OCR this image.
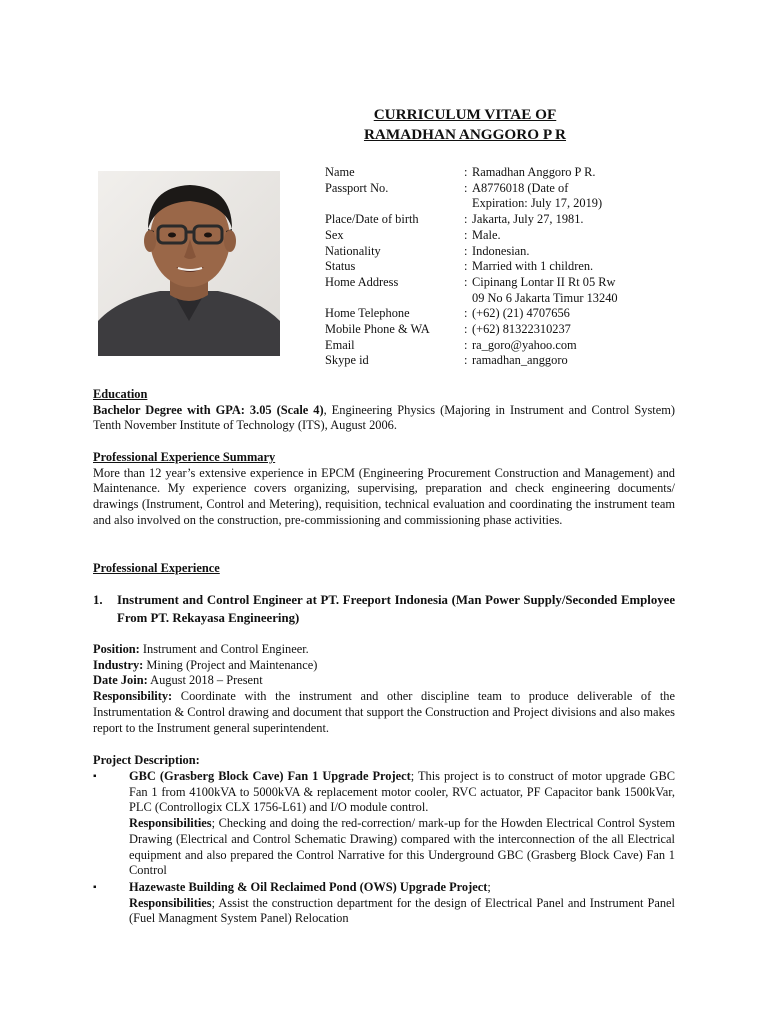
CURRICULUM VITAE OF
RAMADHAN ANGGORO P R
Name	: Ramadhan Anggoro P R.
Passport No.	: A8776018 (Date of
Expiration: July 17, 2019)
Place/Date of birth	: Jakarta, July 27, 1981.
Sex	: Male.
Nationality	: Indonesian.
Status	: Married with 1 children.
Home Address	: Cipinang Lontar II Rt 05 Rw
09 No 6 Jakarta Timur 13240
Home Telephone	: (+62) (21) 4707656
Mobile Phone & WA	: (+62) 81322310237
Email	: ra_goro@yahoo.com
Skype id	: ramadhan_anggoro
Education
Bachelor Degree with GPA: 3.05 (Scale 4), Engineering Physics (Majoring in Instrument and Control System) Tenth November Institute of Technology (ITS), August 2006.
Professional Experience Summary
More than 12 year’s extensive experience in EPCM (Engineering Procurement Construction and Management) and Maintenance. My experience covers organizing, supervising, preparation and check engineering documents/ drawings (Instrument, Control and Metering), requisition, technical evaluation and coordinating the instrument team and also involved on the construction, pre-commissioning and commissioning phase activities.
Professional Experience
1. Instrument and Control Engineer at PT. Freeport Indonesia (Man Power Supply/Seconded Employee From PT. Rekayasa Engineering)
Position: Instrument and Control Engineer.
Industry: Mining (Project and Maintenance)
Date Join: August 2018 – Present
Responsibility: Coordinate with the instrument and other discipline team to produce deliverable of the Instrumentation & Control drawing and document that support the Construction and Project divisions and also makes report to the Instrument general superintendent.
Project Description:
▪	GBC (Grasberg Block Cave) Fan 1 Upgrade Project; This project is to construct of motor upgrade GBC Fan 1 from 4100kVA to 5000kVA & replacement motor cooler, RVC actuator, PF Capacitor bank 1500kVar, PLC (Controllogix CLX 1756-L61) and I/O module control.
Responsibilities; Checking and doing the red-correction/ mark-up for the Howden Electrical Control System Drawing (Electrical and Control Schematic Drawing) compared with the interconnection of the all Electrical equipment and also prepared the Control Narrative for this Underground GBC (Grasberg Block Cave) Fan 1 Control
▪	Hazewaste Building & Oil Reclaimed Pond (OWS) Upgrade Project;
Responsibilities; Assist the construction department for the design of Electrical Panel and Instrument Panel (Fuel Managment System Panel) Relocation
